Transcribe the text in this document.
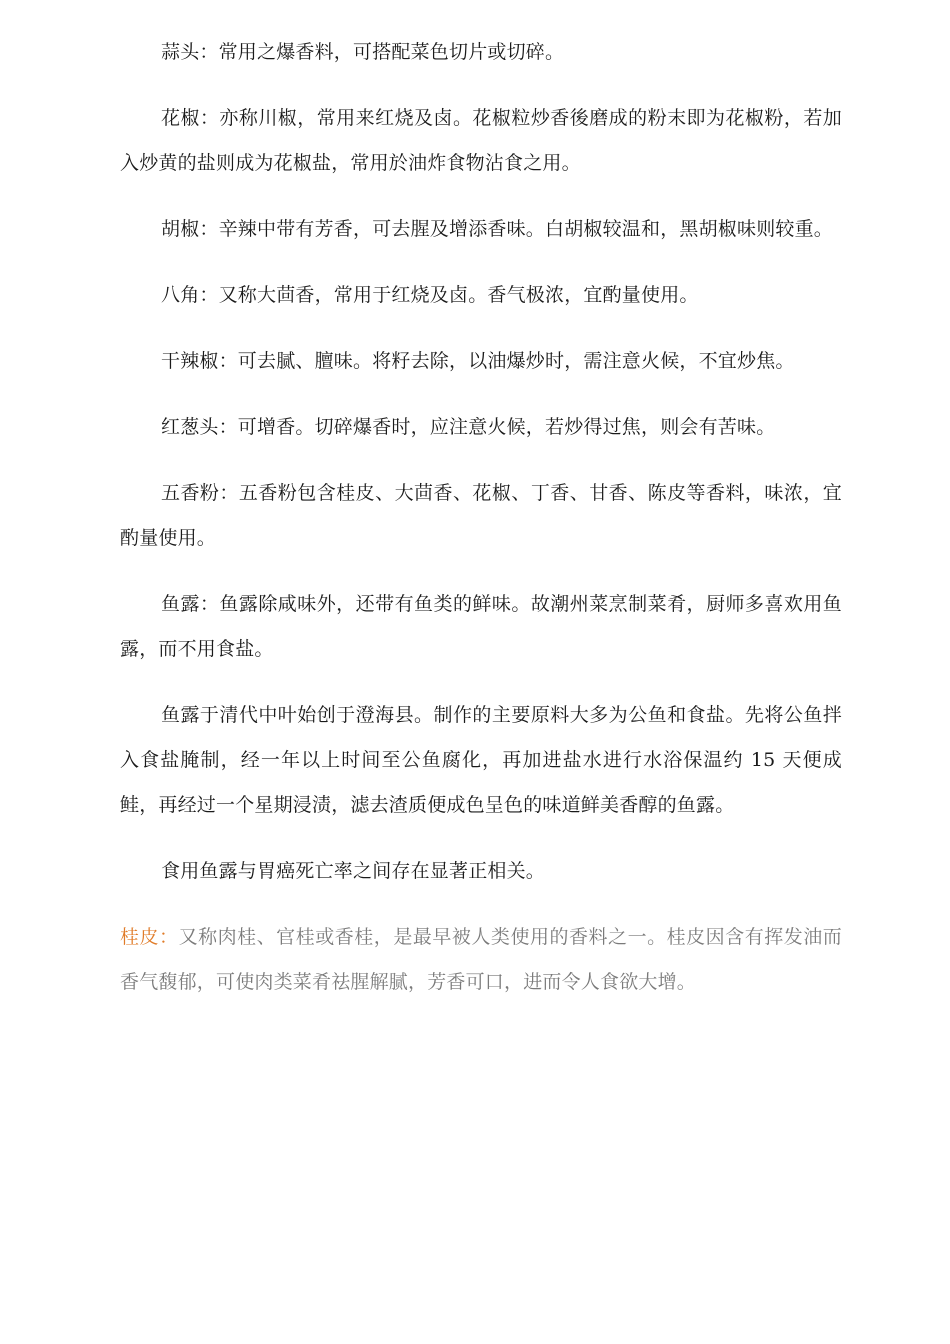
蒜头：常用之爆香料，可搭配菜色切片或切碎。

花椒：亦称川椒，常用来红烧及卤。花椒粒炒香後磨成的粉末即为花椒粉，若加入炒黄的盐则成为花椒盐，常用於油炸食物沾食之用。

胡椒：辛辣中带有芳香，可去腥及增添香味。白胡椒较温和，黑胡椒味则较重。

八角：又称大茴香，常用于红烧及卤。香气极浓，宜酌量使用。

干辣椒：可去腻、膻味。将籽去除，以油爆炒时，需注意火候，不宜炒焦。

红葱头：可增香。切碎爆香时，应注意火候，若炒得过焦，则会有苦味。

五香粉：五香粉包含桂皮、大茴香、花椒、丁香、甘香、陈皮等香料，味浓，宜酌量使用。

鱼露：鱼露除咸味外，还带有鱼类的鲜味。故潮州菜烹制菜肴，厨师多喜欢用鱼露，而不用食盐。

鱼露于清代中叶始创于澄海县。制作的主要原料大多为公鱼和食盐。先将公鱼拌入食盐腌制，经一年以上时间至公鱼腐化，再加进盐水进行水浴保温约 15 天便成鲑，再经过一个星期浸渍，滤去渣质便成色呈色的味道鲜美香醇的鱼露。

食用鱼露与胃癌死亡率之间存在显著正相关。

桂皮：又称肉桂、官桂或香桂，是最早被人类使用的香料之一。桂皮因含有挥发油而香气馥郁，可使肉类菜肴祛腥解腻，芳香可口，进而令人食欲大增。
